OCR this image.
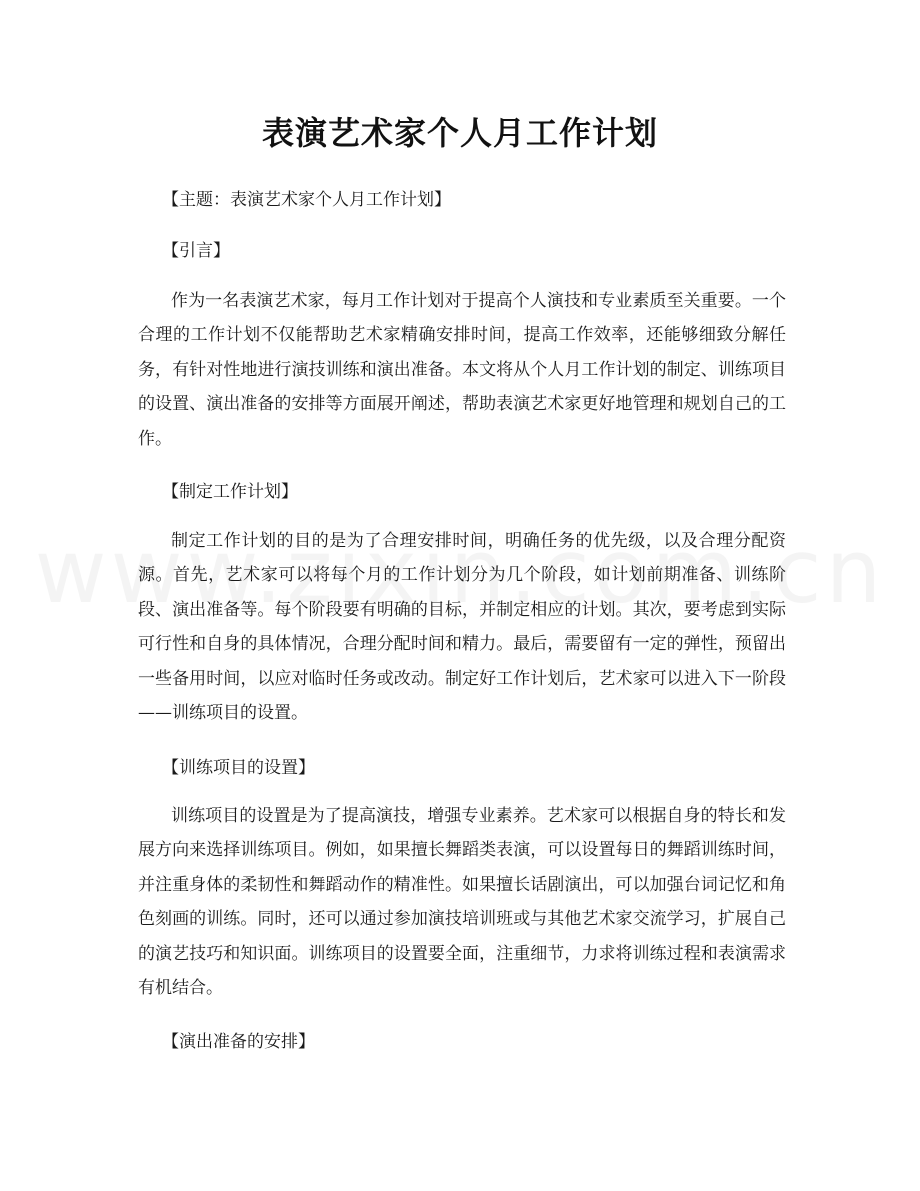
表演艺术家个人月工作计划
【主题：表演艺术家个人月工作计划】
【引言】
作为一名表演艺术家，每月工作计划对于提高个人演技和专业素质至关重要。一个合理的工作计划不仅能帮助艺术家精确安排时间，提高工作效率，还能够细致分解任务，有针对性地进行演技训练和演出准备。本文将从个人月工作计划的制定、训练项目的设置、演出准备的安排等方面展开阐述，帮助表演艺术家更好地管理和规划自己的工作。
【制定工作计划】
制定工作计划的目的是为了合理安排时间，明确任务的优先级，以及合理分配资源。首先，艺术家可以将每个月的工作计划分为几个阶段，如计划前期准备、训练阶段、演出准备等。每个阶段要有明确的目标，并制定相应的计划。其次，要考虑到实际可行性和自身的具体情况，合理分配时间和精力。最后，需要留有一定的弹性，预留出一些备用时间，以应对临时任务或改动。制定好工作计划后，艺术家可以进入下一阶段——训练项目的设置。
【训练项目的设置】
训练项目的设置是为了提高演技，增强专业素养。艺术家可以根据自身的特长和发展方向来选择训练项目。例如，如果擅长舞蹈类表演，可以设置每日的舞蹈训练时间，并注重身体的柔韧性和舞蹈动作的精准性。如果擅长话剧演出，可以加强台词记忆和角色刻画的训练。同时，还可以通过参加演技培训班或与其他艺术家交流学习，扩展自己的演艺技巧和知识面。训练项目的设置要全面，注重细节，力求将训练过程和表演需求有机结合。
【演出准备的安排】
